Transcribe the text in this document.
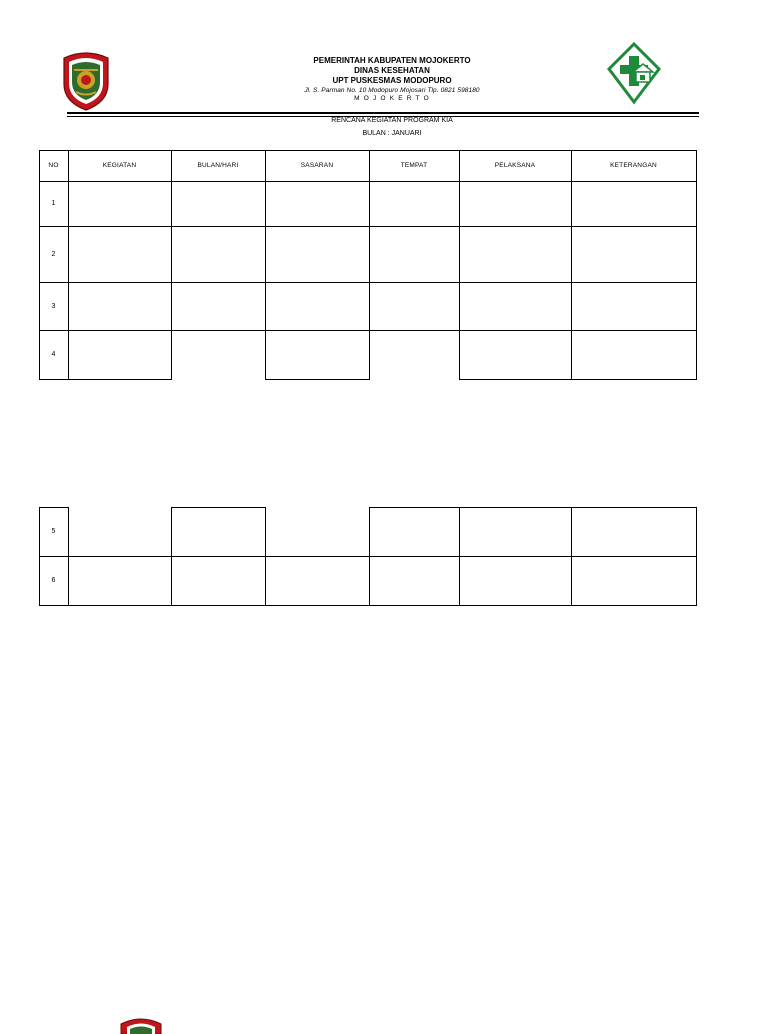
PEMERINTAH KABUPATEN MOJOKERTO
DINAS KESEHATAN
UPT PUSKESMAS MODOPURO
Jl. S. Parman No. 10 Modopuro Mojosari Tlp. 0821 598180
M O J O K E R T O
RENCANA KEGIATAN PROGRAM KIA
BULAN : JANUARI
NO	KEGIATAN	BULAN/HARI	SASARAN	TEMPAT	PELAKSANA	KETERANGAN
1
2
3
4
5
6
